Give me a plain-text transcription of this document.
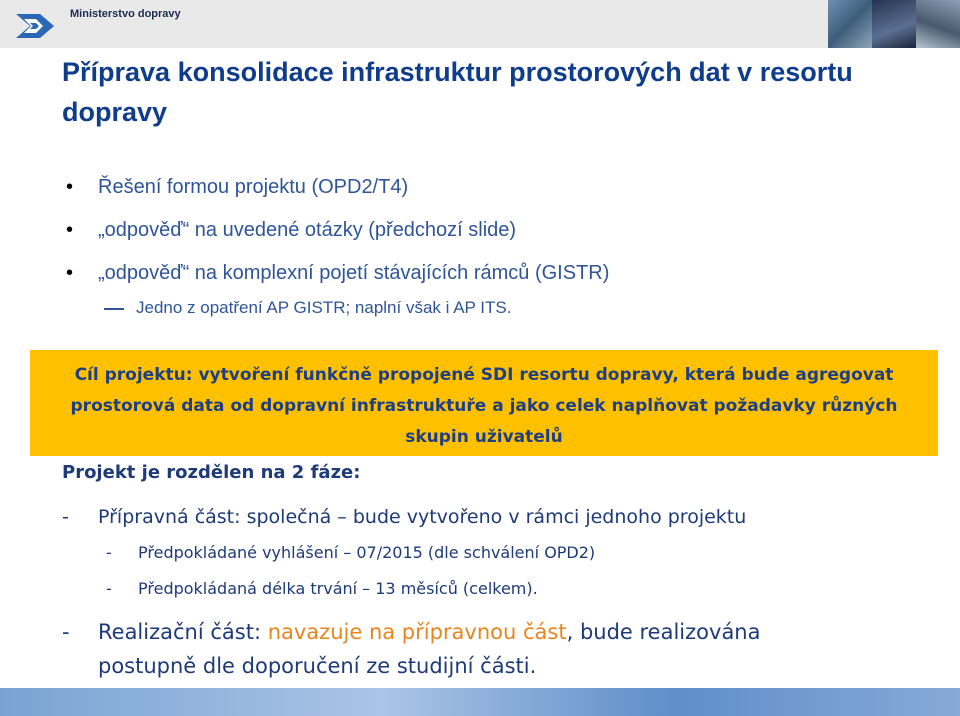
Ministerstvo dopravy
Příprava konsolidace infrastruktur prostorových dat v resortu dopravy
• Řešení formou projektu (OPD2/T4)
• „odpověď“ na uvedené otázky (předchozí slide)
• „odpověď“ na komplexní pojetí stávajících rámců (GISTR)
Jedno z opatření AP GISTR; naplní však i AP ITS.
Cíl projektu: vytvoření funkčně propojené SDI resortu dopravy, která bude agregovat prostorová data od dopravní infrastruktuře a jako celek naplňovat požadavky různých skupin uživatelů
Projekt je rozdělen na 2 fáze:
- Přípravná část: společná – bude vytvořeno v rámci jednoho projektu
- Předpokládané vyhlášení – 07/2015 (dle schválení OPD2)
- Předpokládaná délka trvání – 13 měsíců (celkem).
- Realizační část: navazuje na přípravnou část, bude realizována
postupně dle doporučení ze studijní části.
